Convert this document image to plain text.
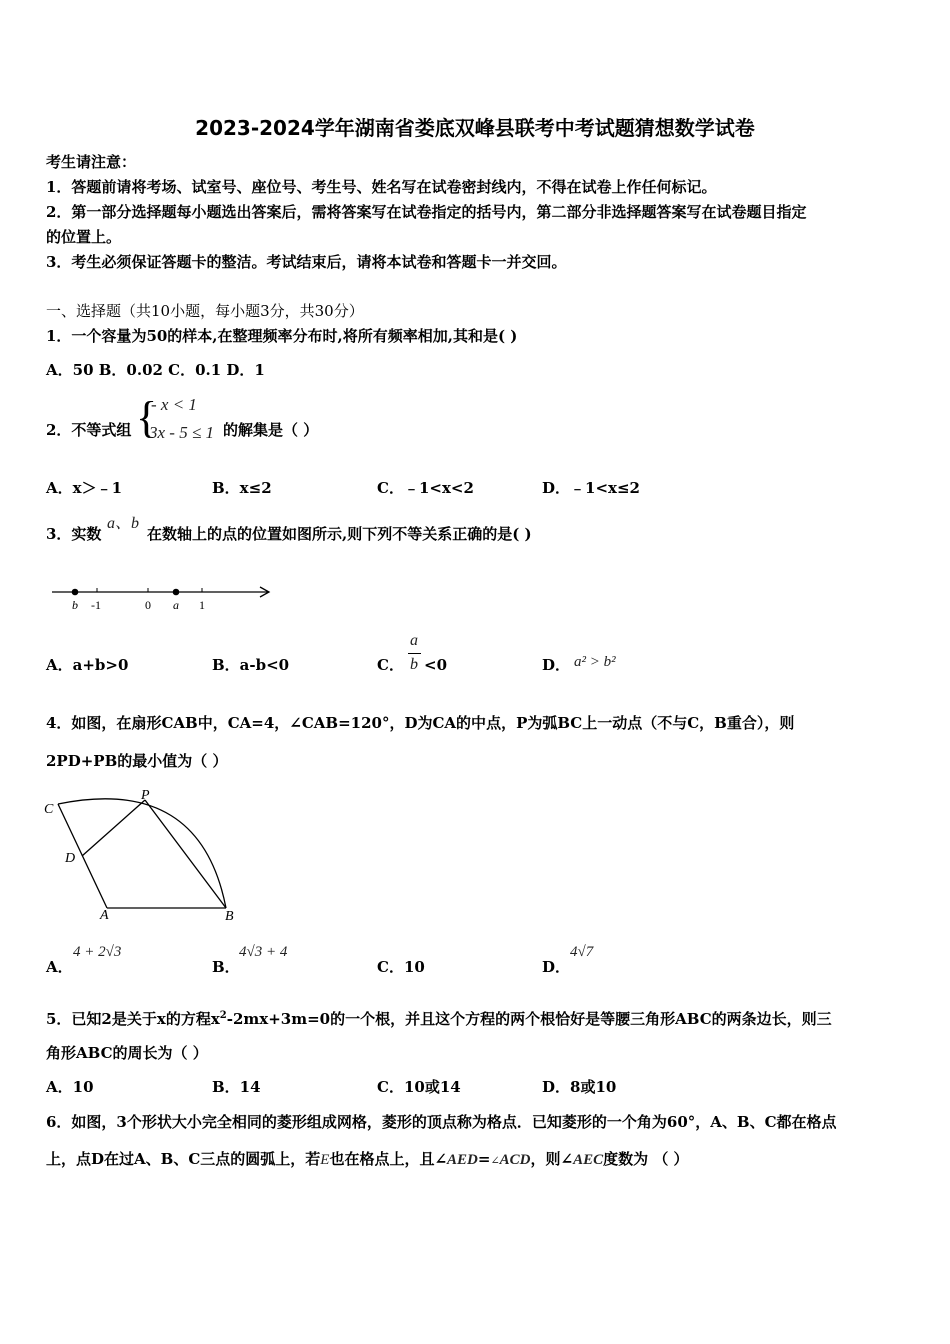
2023-2024学年湖南省娄底双峰县联考中考试题猜想数学试卷
考生请注意：
1．答题前请将考场、试室号、座位号、考生号、姓名写在试卷密封线内，不得在试卷上作任何标记。
2．第一部分选择题每小题选出答案后，需将答案写在试卷指定的括号内，第二部分非选择题答案写在试卷题目指定
的位置上。
3．考生必须保证答题卡的整洁。考试结束后，请将本试卷和答题卡一并交回。
一、选择题（共10小题，每小题3分，共30分）
1．一个容量为50的样本,在整理频率分布时,将所有频率相加,其和是( )
A．50 B．0.02 C．0.1 D．1
2．不等式组 {
- x < 1
3x - 5 ≤ 1 的解集是（ ）
A．x＞﹣1	B．x≤2	C．﹣1<x<2	D．﹣1<x≤2
3．实数
a、b
在数轴上的点的位置如图所示,则下列不等关系正确的是( )
b -1	0 a 1
A．a+b>0	B．a-b<0	C．
a
b <0	D． a² > b²
4．如图，在扇形CAB中，CA=4，∠CAB=120°，D为CA的中点，P为弧BC上一动点（不与C，B重合），则
2PD+PB的最小值为（ ）
C
P
D
A	B
A．
4 + 2√3
B．
4√3 + 4
C．10	D．
4√7
5．已知2是关于x的方程$x^2-2mx+3m=0$的一个根，并且这个方程的两个根恰好是等腰三角形ABC的两条边长，则三
角形ABC的周长为（ ）
A．10	B．14	C．10或14	D．8或10
6．如图，3个形状大小完全相同的菱形组成网格，菱形的顶点称为格点．已知菱形的一个角为60°，A、B、C都在格点
上，点D在过A、B、C三点的圆弧上，若E也在格点上，且∠AED=∠ACD，则∠AEC度数为 （ ）
